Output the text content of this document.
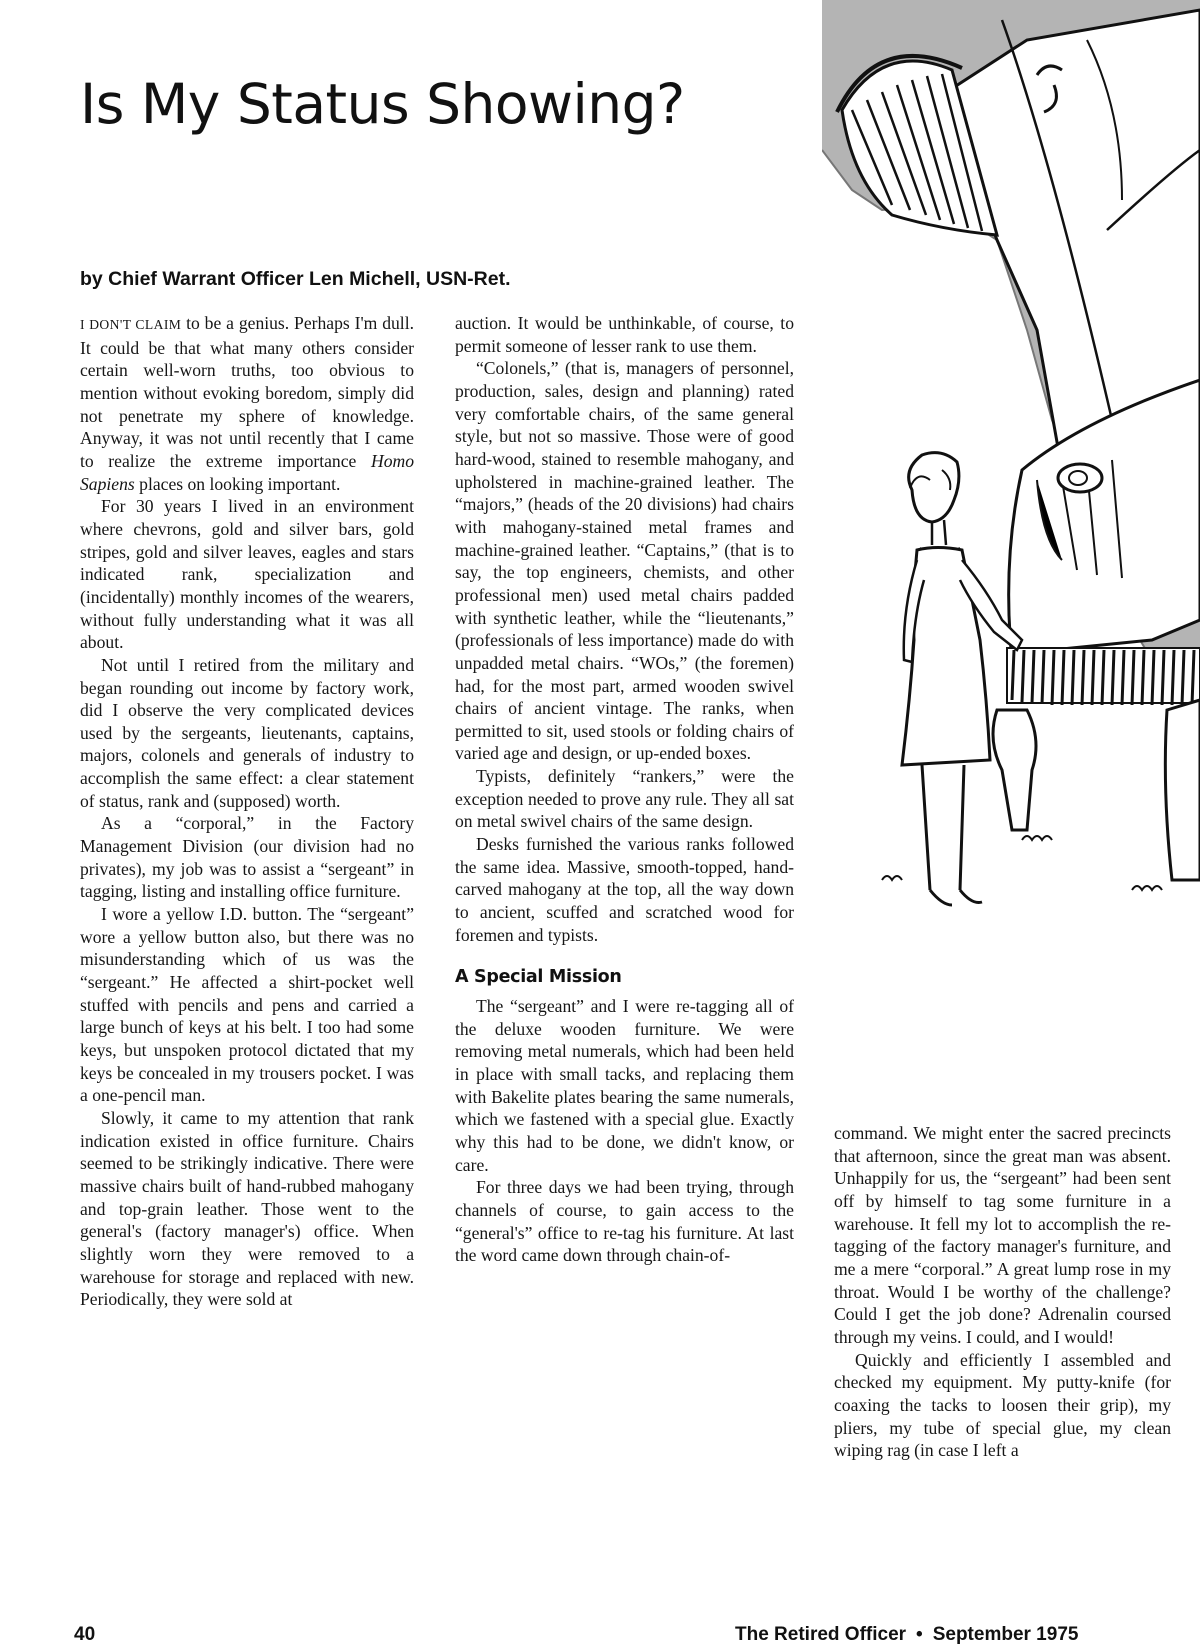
Is My Status Showing?
by Chief Warrant Officer Len Michell, USN-Ret.

I DON'T CLAIM to be a genius. Perhaps I'm dull. It could be that what many others consider certain well-worn truths, too obvious to mention without evoking boredom, simply did not penetrate my sphere of knowledge. Anyway, it was not until recently that I came to realize the extreme importance Homo Sapiens places on looking important.

For 30 years I lived in an environment where chevrons, gold and silver bars, gold stripes, gold and silver leaves, eagles and stars indicated rank, specialization and (incidentally) monthly incomes of the wearers, without fully understanding what it was all about.

Not until I retired from the military and began rounding out income by factory work, did I observe the very complicated devices used by the sergeants, lieutenants, captains, majors, colonels and generals of industry to accomplish the same effect: a clear statement of status, rank and (supposed) worth.

As a “corporal,” in the Factory Management Division (our division had no privates), my job was to assist a “sergeant” in tagging, listing and installing office furniture.

I wore a yellow I.D. button. The “sergeant” wore a yellow button also, but there was no misunderstanding which of us was the “sergeant.” He affected a shirt-pocket well stuffed with pencils and pens and carried a large bunch of keys at his belt. I too had some keys, but unspoken protocol dictated that my keys be concealed in my trousers pocket. I was a one-pencil man.

Slowly, it came to my attention that rank indication existed in office furniture. Chairs seemed to be strikingly indicative. There were massive chairs built of hand-rubbed mahogany and top-grain leather. Those went to the general's (factory manager's) office. When slightly worn they were removed to a warehouse for storage and replaced with new. Periodically, they were sold at

auction. It would be unthinkable, of course, to permit someone of lesser rank to use them.

“Colonels,” (that is, managers of personnel, production, sales, design and planning) rated very comfortable chairs, of the same general style, but not so massive. Those were of good hard-wood, stained to resemble mahogany, and upholstered in machine-grained leather. The “majors,” (heads of the 20 divisions) had chairs with mahogany-stained metal frames and machine-grained leather. “Captains,” (that is to say, the top engineers, chemists, and other professional men) used metal chairs padded with synthetic leather, while the “lieutenants,” (professionals of less importance) made do with unpadded metal chairs. “WOs,” (the foremen) had, for the most part, armed wooden swivel chairs of ancient vintage. The ranks, when permitted to sit, used stools or folding chairs of varied age and design, or up-ended boxes.

Typists, definitely “rankers,” were the exception needed to prove any rule. They all sat on metal swivel chairs of the same design.

Desks furnished the various ranks followed the same idea. Massive, smooth-topped, hand-carved mahogany at the top, all the way down to ancient, scuffed and scratched wood for foremen and typists.

A Special Mission

The “sergeant” and I were re-tagging all of the deluxe wooden furniture. We were removing metal numerals, which had been held in place with small tacks, and replacing them with Bakelite plates bearing the same numerals, which we fastened with a special glue. Exactly why this had to be done, we didn't know, or care.

For three days we had been trying, through channels of course, to gain access to the “general's” office to re-tag his furniture. At last the word came down through chain-of-

command. We might enter the sacred precincts that afternoon, since the great man was absent. Unhappily for us, the “sergeant” had been sent off by himself to tag some furniture in a warehouse. It fell my lot to accomplish the re-tagging of the factory manager's furniture, and me a mere “corporal.” A great lump rose in my throat. Would I be worthy of the challenge? Could I get the job done? Adrenalin coursed through my veins. I could, and I would!

Quickly and efficiently I assembled and checked my equipment. My putty-knife (for coaxing the tacks to loosen their grip), my pliers, my tube of special glue, my clean wiping rag (in case I left a

40	The Retired Officer • September 1975
